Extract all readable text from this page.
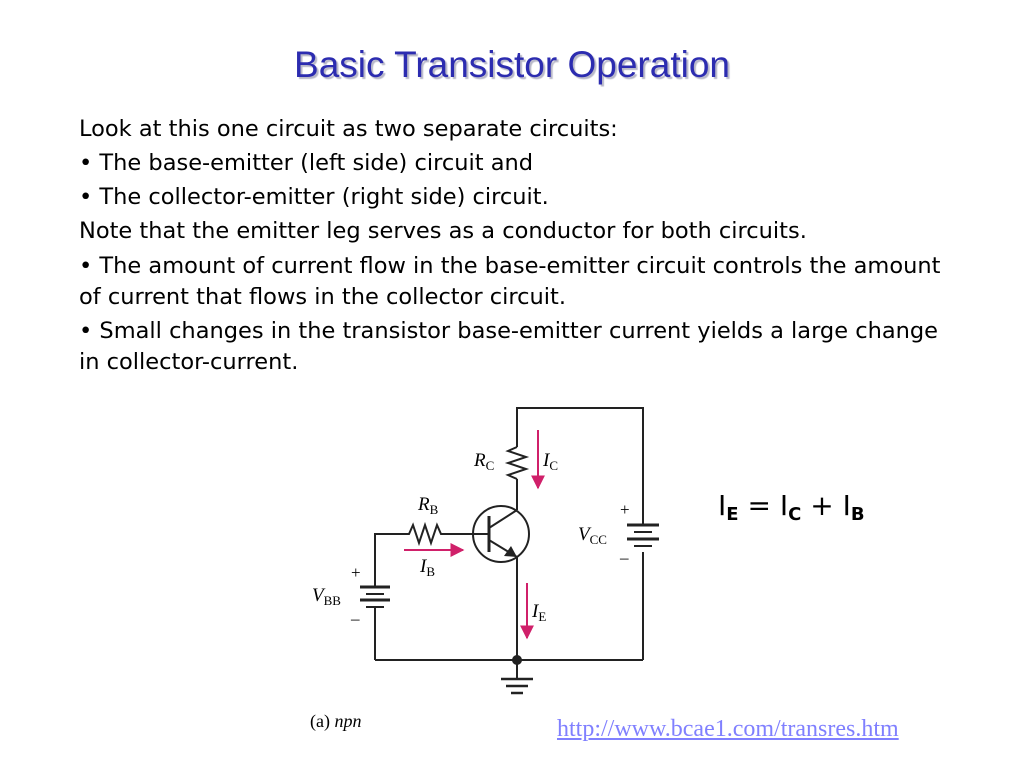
Basic Transistor Operation

Look at this one circuit as two separate circuits:

• The base-emitter (left side) circuit and

• The collector-emitter (right side) circuit.

Note that the emitter leg serves as a conductor for both circuits.

• The amount of current flow in the base-emitter circuit controls the amount of current that flows in the collector circuit.

• Small changes in the transistor base-emitter current yields a large change in collector-current.

$R_C$	$I_C$
$R_B$
$I_B$
$I_E$
$V_{CC}$
$V_{BB}$
+
–
+
–
(a) npn
$I_E = I_C + I_B$
http://www.bcae1.com/transres.htm
